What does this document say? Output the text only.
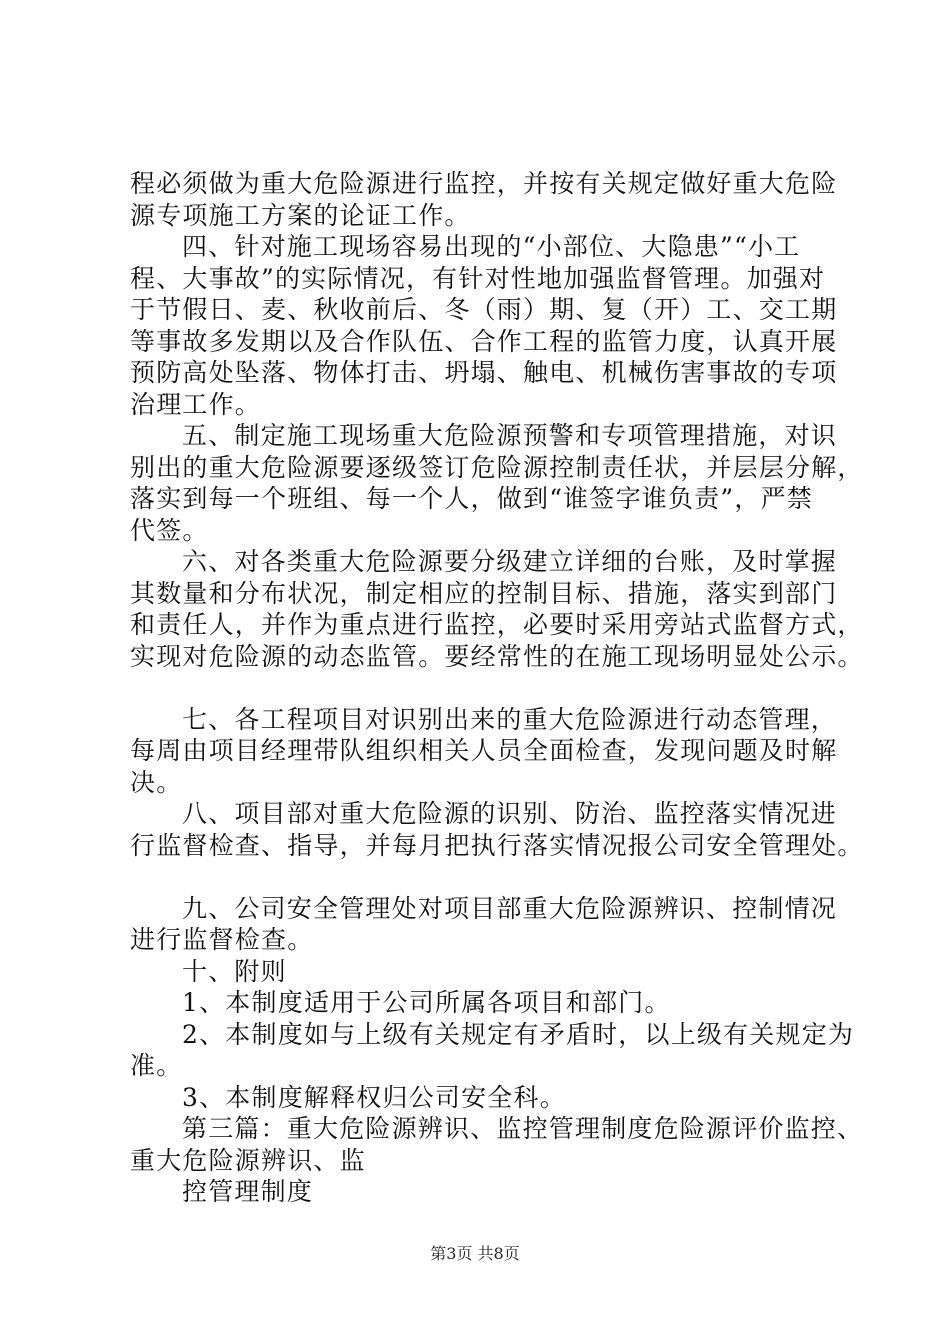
程必须做为重大危险源进行监控，并按有关规定做好重大危险
源专项施工方案的论证工作。
四、针对施工现场容易出现的“小部位、大隐患”“小工
程、大事故”的实际情况，有针对性地加强监督管理。加强对
于节假日、麦、秋收前后、冬（雨）期、复（开）工、交工期
等事故多发期以及合作队伍、合作工程的监管力度，认真开展
预防高处坠落、物体打击、坍塌、触电、机械伤害事故的专项
治理工作。
五、制定施工现场重大危险源预警和专项管理措施，对识
别出的重大危险源要逐级签订危险源控制责任状，并层层分解，
落实到每一个班组、每一个人，做到“谁签字谁负责”，严禁
代签。
六、对各类重大危险源要分级建立详细的台账，及时掌握
其数量和分布状况，制定相应的控制目标、措施，落实到部门
和责任人，并作为重点进行监控，必要时采用旁站式监督方式，
实现对危险源的动态监管。要经常性的在施工现场明显处公示。
七、各工程项目对识别出来的重大危险源进行动态管理，
每周由项目经理带队组织相关人员全面检查，发现问题及时解
决。
八、项目部对重大危险源的识别、防治、监控落实情况进
行监督检查、指导，并每月把执行落实情况报公司安全管理处。
九、公司安全管理处对项目部重大危险源辨识、控制情况
进行监督检查。
十、附则
1、本制度适用于公司所属各项目和部门。
2、本制度如与上级有关规定有矛盾时，以上级有关规定为
准。
3、本制度解释权归公司安全科。
第三篇：重大危险源辨识、监控管理制度危险源评价监控、
重大危险源辨识、监
控管理制度
第3页 共8页
